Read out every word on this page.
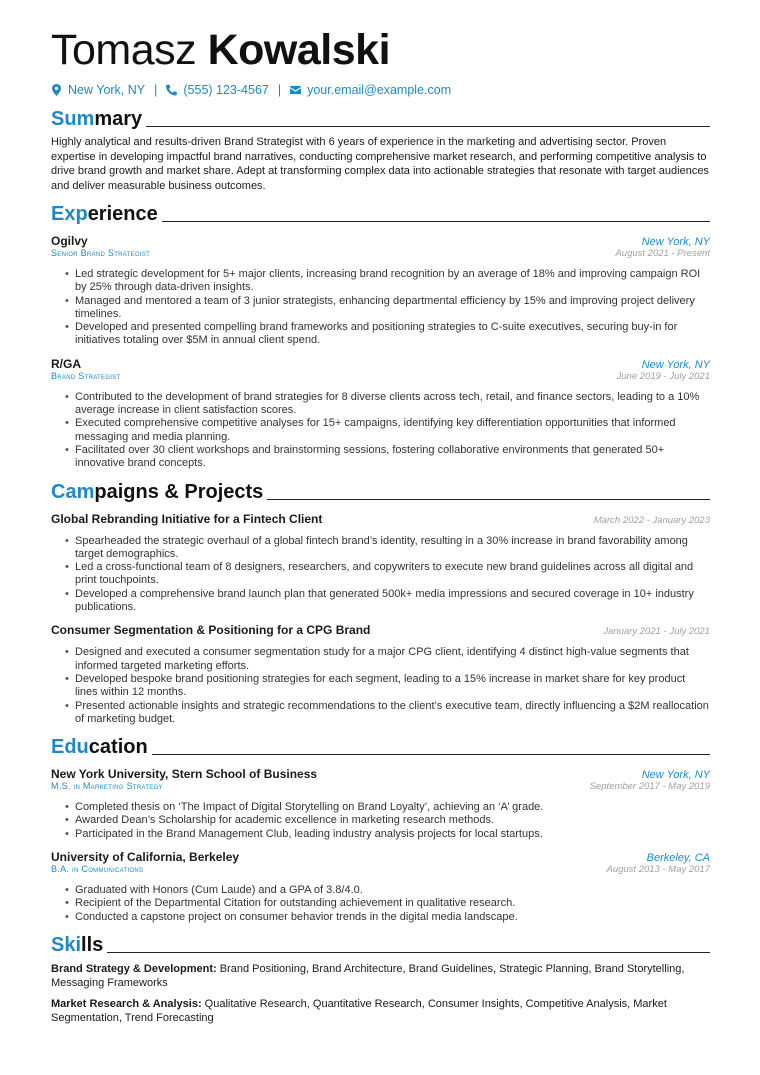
Tomasz Kowalski
New York, NY | (555) 123-4567 | your.email@example.com
Summary

Highly analytical and results-driven Brand Strategist with 6 years of experience in the marketing and advertising sector. Proven expertise in developing impactful brand narratives, conducting comprehensive market research, and performing competitive analysis to drive brand growth and market share. Adept at transforming complex data into actionable strategies that resonate with target audiences and deliver measurable business outcomes.

Experience
Ogilvy	New York, NY
Senior Brand Strategist	August 2021 - Present
• Led strategic development for 5+ major clients, increasing brand recognition by an average of 18% and improving campaign ROI by 25% through data-driven insights.
• Managed and mentored a team of 3 junior strategists, enhancing departmental efficiency by 15% and improving project delivery timelines.
• Developed and presented compelling brand frameworks and positioning strategies to C-suite executives, securing buy-in for initiatives totaling over $5M in annual client spend.
R/GA	New York, NY
Brand Strategist	June 2019 - July 2021
• Contributed to the development of brand strategies for 8 diverse clients across tech, retail, and finance sectors, leading to a 10% average increase in client satisfaction scores.
• Executed comprehensive competitive analyses for 15+ campaigns, identifying key differentiation opportunities that informed messaging and media planning.
• Facilitated over 30 client workshops and brainstorming sessions, fostering collaborative environments that generated 50+ innovative brand concepts.
Campaigns & Projects
Global Rebranding Initiative for a Fintech Client	March 2022 - January 2023
• Spearheaded the strategic overhaul of a global fintech brand’s identity, resulting in a 30% increase in brand favorability among target demographics.
• Led a cross-functional team of 8 designers, researchers, and copywriters to execute new brand guidelines across all digital and print touchpoints.
• Developed a comprehensive brand launch plan that generated 500k+ media impressions and secured coverage in 10+ industry publications.
Consumer Segmentation & Positioning for a CPG Brand	January 2021 - July 2021
• Designed and executed a consumer segmentation study for a major CPG client, identifying 4 distinct high-value segments that informed targeted marketing efforts.
• Developed bespoke brand positioning strategies for each segment, leading to a 15% increase in market share for key product lines within 12 months.
• Presented actionable insights and strategic recommendations to the client’s executive team, directly influencing a $2M reallocation of marketing budget.
Education
New York University, Stern School of Business	New York, NY
M.S. in Marketing Strategy	September 2017 - May 2019
• Completed thesis on ‘The Impact of Digital Storytelling on Brand Loyalty’, achieving an ‘A’ grade.
• Awarded Dean’s Scholarship for academic excellence in marketing research methods.
• Participated in the Brand Management Club, leading industry analysis projects for local startups.
University of California, Berkeley	Berkeley, CA
B.A. in Communications	August 2013 - May 2017
• Graduated with Honors (Cum Laude) and a GPA of 3.8/4.0.
• Recipient of the Departmental Citation for outstanding achievement in qualitative research.
• Conducted a capstone project on consumer behavior trends in the digital media landscape.
Skills

Brand Strategy & Development: Brand Positioning, Brand Architecture, Brand Guidelines, Strategic Planning, Brand Storytelling, Messaging Frameworks

Market Research & Analysis: Qualitative Research, Quantitative Research, Consumer Insights, Competitive Analysis, Market Segmentation, Trend Forecasting
